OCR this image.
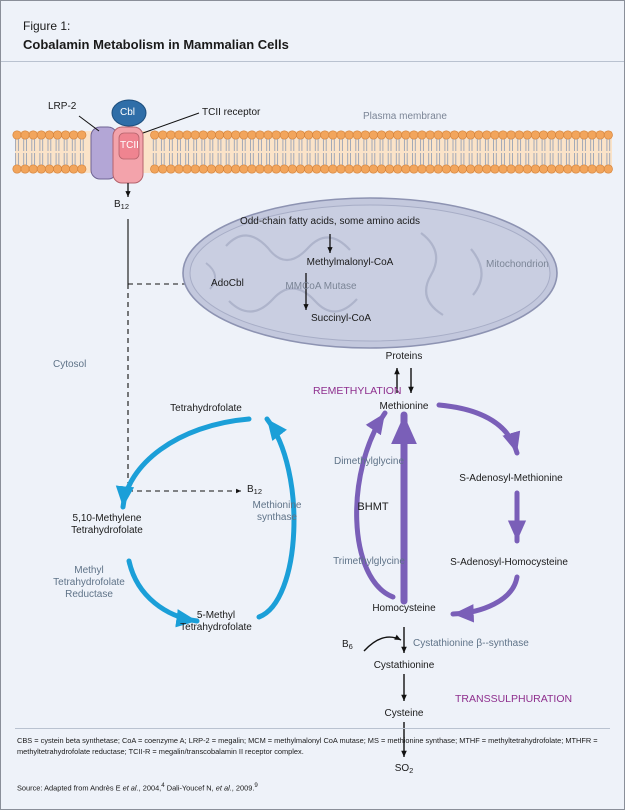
Figure 1:
Cobalamin Metabolism in Mammalian Cells
LRP-2
Cbl
TCII
TCII receptor	Plasma membrane
$B_{12}$
Cytosol
Mitochondrion
Odd-chain fatty acids, some amino acids
Methylmalonyl-CoA
MMCoA Mutase
Succinyl-CoA
AdoCbl
Proteins
Methionine
Tetrahydrofolate
$B_{12}$
Methionine
synthase
5,10-Methylene
Tetrahydrofolate
Methyl
Tetrahydrofolate
Reductase
5-Methyl
Tetrahydrofolate
Dimethylglycine
Trimethylglycine
BHMT
S-Adenosyl-Methionine
S-Adenosyl-Homocysteine
Homocysteine
$B_6$	Cystathionine β--synthase
Cystathionine
Cysteine
$SO_2$
REMETHYLATION
TRANSSULPHURATION
CBS = cystein beta synthetase; CoA = coenzyme A; LRP-2 = megalin; MCM = methylmalonyl CoA mutase; MS = methionine synthase; MTHF = methyltetrahydrofolate; MTHFR = methyltetrahydrofolate reductase; TCII-R = megalin/transcobalamin II receptor complex.
Source: Adapted from Andrès E et al., 2004,$^4$ Dali-Youcef N, et al., 2009.$^9$
